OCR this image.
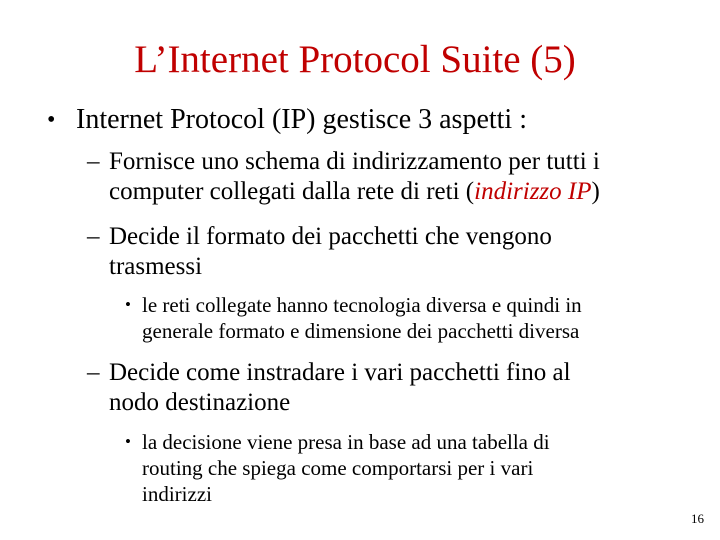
L’Internet Protocol Suite (5)
• Internet Protocol (IP) gestisce 3 aspetti :
– Fornisce uno schema di indirizzamento per tutti i
computer collegati dalla rete di reti (indirizzo IP)
– Decide il formato dei pacchetti che vengono
trasmessi
• le reti collegate hanno tecnologia diversa e quindi in
generale formato e dimensione dei pacchetti diversa
– Decide come instradare i vari pacchetti fino al
nodo destinazione
• la decisione viene presa in base ad una tabella di
routing che spiega come comportarsi per i vari
indirizzi
16
